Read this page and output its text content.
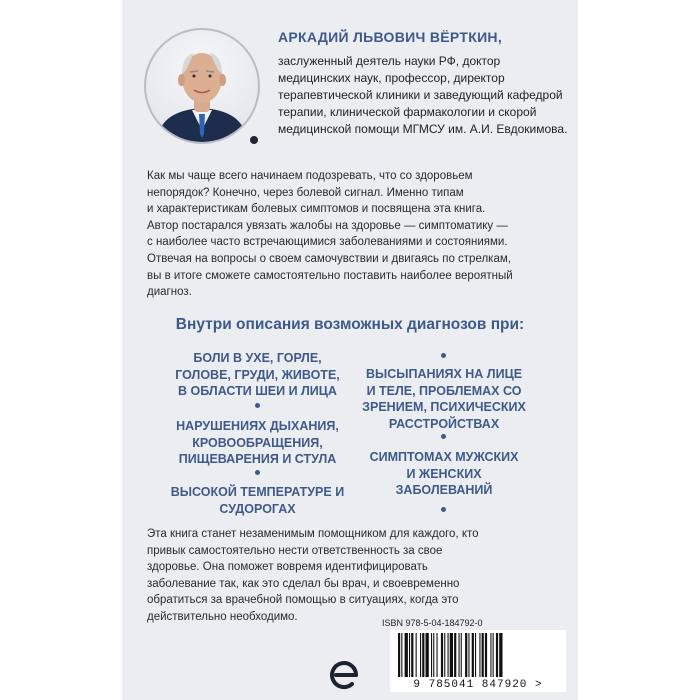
АРКАДИЙ ЛЬВОВИЧ ВЁРТКИН,

заслуженный деятель науки РФ, доктор медицинских наук, профессор, директор терапевтической клиники и заведующий кафедрой терапии, клинической фармакологии и скорой медицинской помощи МГМСУ им. А.И. Евдокимова.

Как мы чаще всего начинаем подозревать, что со здоровьем
непорядок? Конечно, через болевой сигнал. Именно типам
и характеристикам болевых симптомов и посвящена эта книга.
Автор постарался увязать жалобы на здоровье — симптоматику —
с наиболее часто встречающимися заболеваниями и состояниями.
Отвечая на вопросы о своем самочувствии и двигаясь по стрелкам,
вы в итоге сможете самостоятельно поставить наиболее вероятный
диагноз.

Внутри описания возможных диагнозов при:

БОЛИ В УХЕ, ГОРЛЕ,
ГОЛОВЕ, ГРУДИ, ЖИВОТЕ,
В ОБЛАСТИ ШЕИ И ЛИЦА
НАРУШЕНИЯХ ДЫХАНИЯ,
КРОВООБРАЩЕНИЯ,
ПИЩЕВАРЕНИЯ И СТУЛА
ВЫСОКОЙ ТЕМПЕРАТУРЕ И
СУДОРОГАХ
ВЫСЫПАНИЯХ НА ЛИЦЕ
И ТЕЛЕ, ПРОБЛЕМАХ СО
ЗРЕНИЕМ, ПСИХИЧЕСКИХ
РАССТРОЙСТВАХ
СИМПТОМАХ МУЖСКИХ
И ЖЕНСКИХ
ЗАБОЛЕВАНИЙ
Эта книга станет незаменимым помощником для каждого, кто
привык самостоятельно нести ответственность за свое
здоровье. Она поможет вовремя идентифицировать
заболевание так, как это сделал бы врач, и своевременно
обратиться за врачебной помощью в ситуациях, когда это
действительно необходимо.

ISBN 978-5-04-184792-0

9 785041 847920 >
